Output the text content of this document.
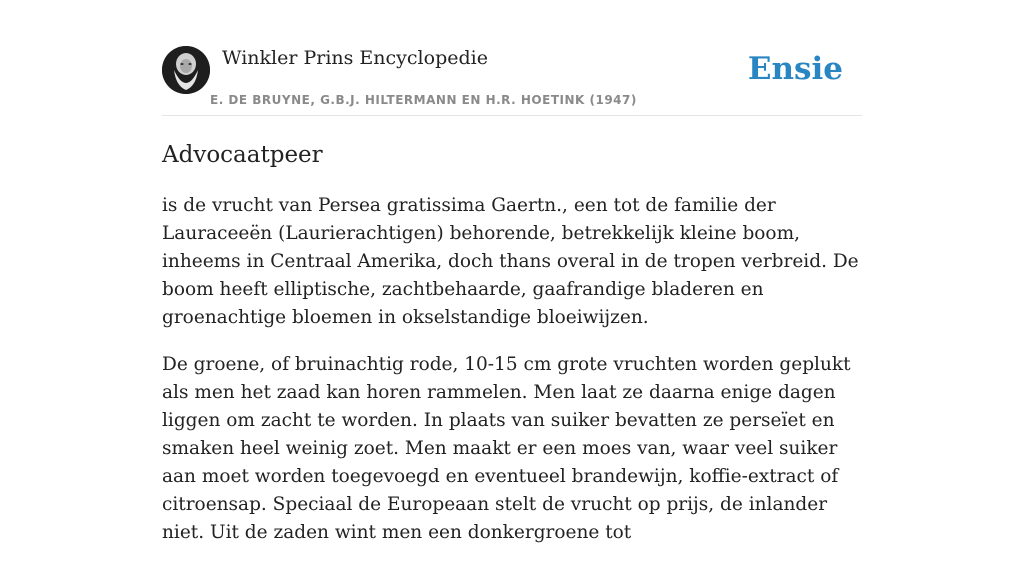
Winkler Prins Encyclopedie
E. DE BRUYNE, G.B.J. HILTERMANN EN H.R. HOETINK (1947)
Ensie
Advocaatpeer

is de vrucht van Persea gratissima Gaertn., een tot de familie der Lauraceeën (Laurierachtigen) behorende, betrekkelijk kleine boom, inheems in Centraal Amerika, doch thans overal in de tropen verbreid. De boom heeft elliptische, zachtbehaarde, gaafrandige bladeren en groenachtige bloemen in okselstandige bloeiwijzen.

De groene, of bruinachtig rode, 10-15 cm grote vruchten worden geplukt als men het zaad kan horen rammelen. Men laat ze daarna enige dagen liggen om zacht te worden. In plaats van suiker bevatten ze perseïet en smaken heel weinig zoet. Men maakt er een moes van, waar veel suiker aan moet worden toegevoegd en eventueel brandewijn, koffie-extract of citroensap. Speciaal de Europeaan stelt de vrucht op prijs, de inlander niet. Uit de zaden wint men een donkergroene tot
